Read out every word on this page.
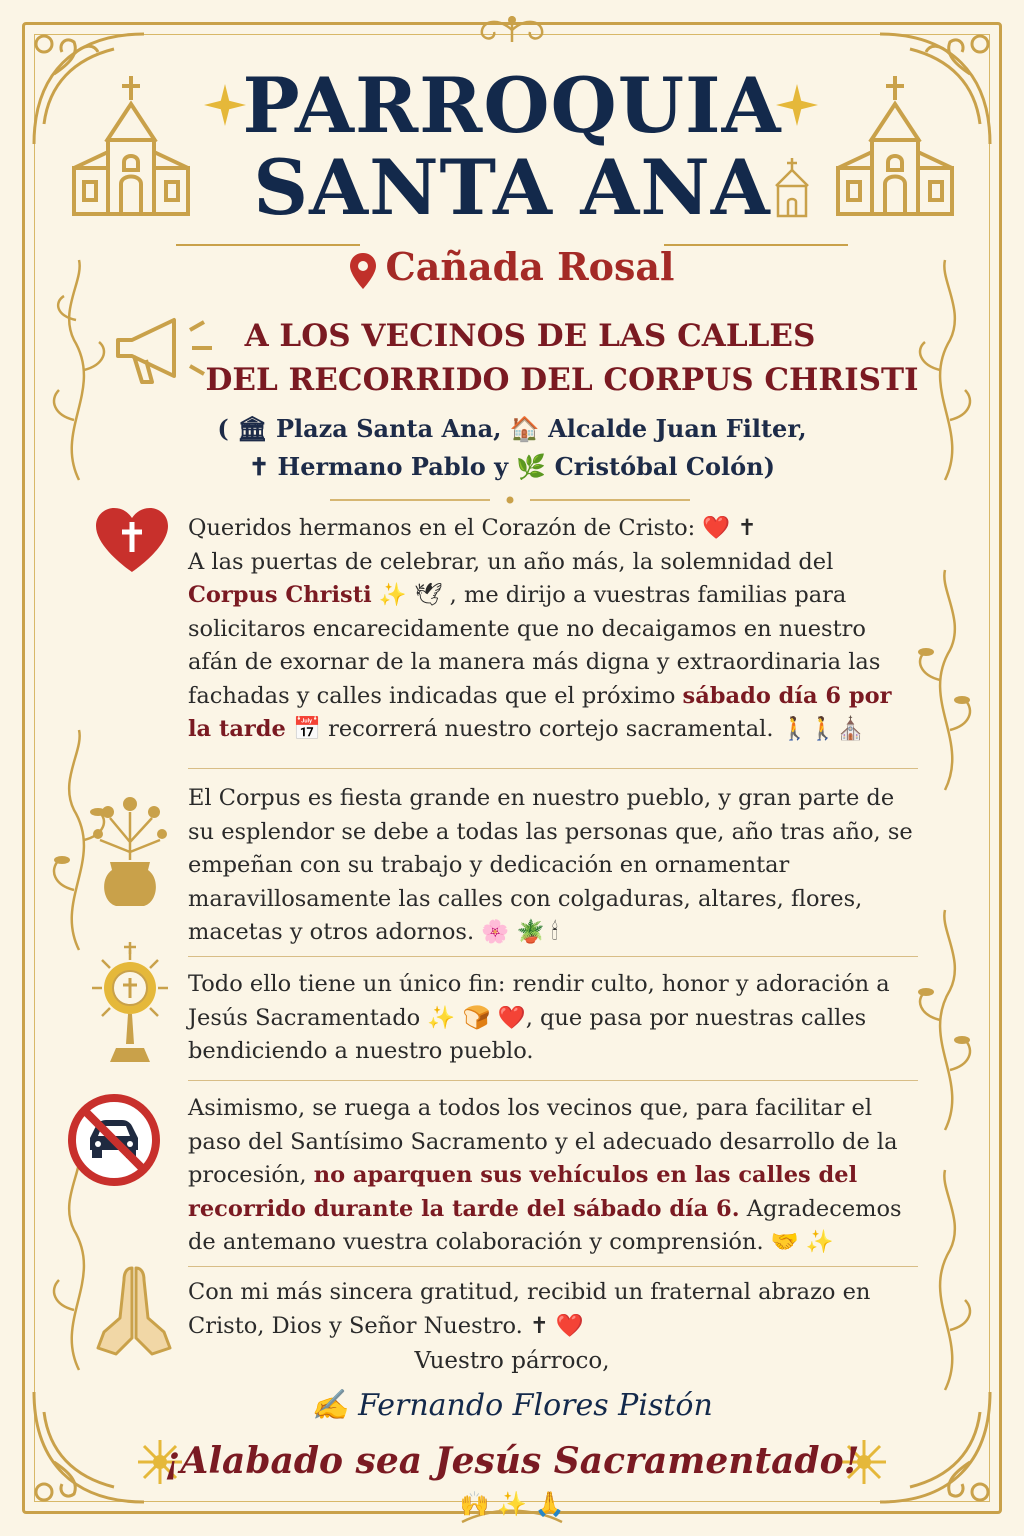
PARROQUIA
SANTA ANA
Cañada Rosal
A LOS VECINOS DE LAS CALLES
DEL RECORRIDO DEL CORPUS CHRISTI
( 🏛 Plaza Santa Ana, 🏠 Alcalde Juan Filter,
✝ Hermano Pablo y 🌿 Cristóbal Colón)
Queridos hermanos en el Corazón de Cristo: ❤️ ✝
A las puertas de celebrar, un año más, la solemnidad del Corpus Christi ✨ 🕊 , me dirijo a vuestras familias para solicitaros encarecidamente que no decaigamos en nuestro afán de exornar de la manera más digna y extraordinaria las fachadas y calles indicadas que el próximo sábado día 6 por la tarde 📅 recorrerá nuestro cortejo sacramental. 🚶🚶⛪
El Corpus es fiesta grande en nuestro pueblo, y gran parte de su esplendor se debe a todas las personas que, año tras año, se empeñan con su trabajo y dedicación en ornamentar maravillosamente las calles con colgaduras, altares, flores, macetas y otros adornos. 🌸 🪴 🕯
Todo ello tiene un único fin: rendir culto, honor y adoración a Jesús Sacramentado ✨ 🍞 ❤️, que pasa por nuestras calles bendiciendo a nuestro pueblo.
Asimismo, se ruega a todos los vecinos que, para facilitar el paso del Santísimo Sacramento y el adecuado desarrollo de la procesión, no aparquen sus vehículos en las calles del recorrido durante la tarde del sábado día 6. Agradecemos de antemano vuestra colaboración y comprensión. 🤝 ✨
Con mi más sincera gratitud, recibid un fraternal abrazo en Cristo, Dios y Señor Nuestro. ✝ ❤️
Vuestro párroco,
✍ Fernando Flores Pistón
¡Alabado sea Jesús Sacramentado!
🙌 ✨ 🙏
